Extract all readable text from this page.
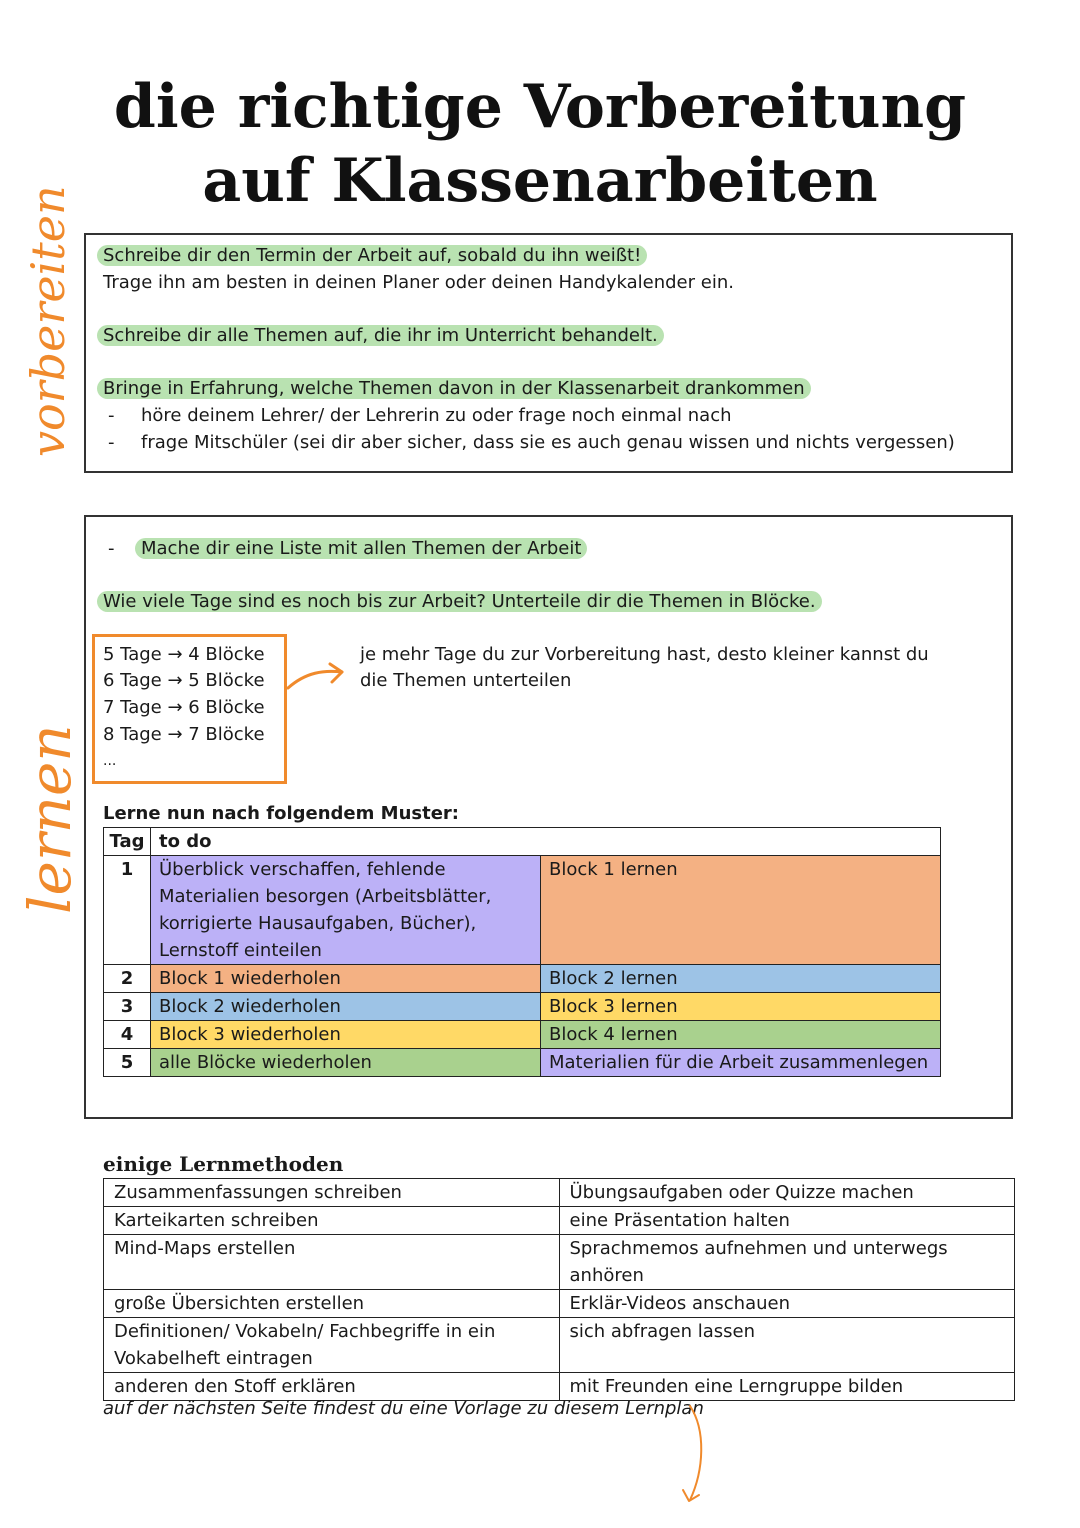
die richtige Vorbereitung
auf Klassenarbeiten
vorbereiten
lernen
Schreibe dir den Termin der Arbeit auf, sobald du ihn weißt!
Trage ihn am besten in deinen Planer oder deinen Handykalender ein.
Schreibe dir alle Themen auf, die ihr im Unterricht behandelt.
Bringe in Erfahrung, welche Themen davon in der Klassenarbeit drankommen
- höre deinem Lehrer/ der Lehrerin zu oder frage noch einmal nach
- frage Mitschüler (sei dir aber sicher, dass sie es auch genau wissen und nichts vergessen)
- Mache dir eine Liste mit allen Themen der Arbeit
Wie viele Tage sind es noch bis zur Arbeit? Unterteile dir die Themen in Blöcke.
5 Tage → 4 Blöcke
6 Tage → 5 Blöcke
7 Tage → 6 Blöcke
8 Tage → 7 Blöcke
...
je mehr Tage du zur Vorbereitung hast, desto kleiner kannst du
die Themen unterteilen
Lerne nun nach folgendem Muster:
Tag	to do	
1	Überblick verschaffen, fehlende Materialien besorgen (Arbeitsblätter, korrigierte Hausaufgaben, Bücher), Lernstoff einteilen	Block 1 lernen
2	Block 1 wiederholen	Block 2 lernen
3	Block 2 wiederholen	Block 3 lernen
4	Block 3 wiederholen	Block 4 lernen
5	alle Blöcke wiederholen	Materialien für die Arbeit zusammenlegen
einige Lernmethoden
Zusammenfassungen schreiben	Übungsaufgaben oder Quizze machen
Karteikarten schreiben	eine Präsentation halten
Mind-Maps erstellen	Sprachmemos aufnehmen und unterwegs anhören
große Übersichten erstellen	Erklär-Videos anschauen
Definitionen/ Vokabeln/ Fachbegriffe in ein Vokabelheft eintragen	sich abfragen lassen
anderen den Stoff erklären	mit Freunden eine Lerngruppe bilden
auf der nächsten Seite findest du eine Vorlage zu diesem Lernplan
